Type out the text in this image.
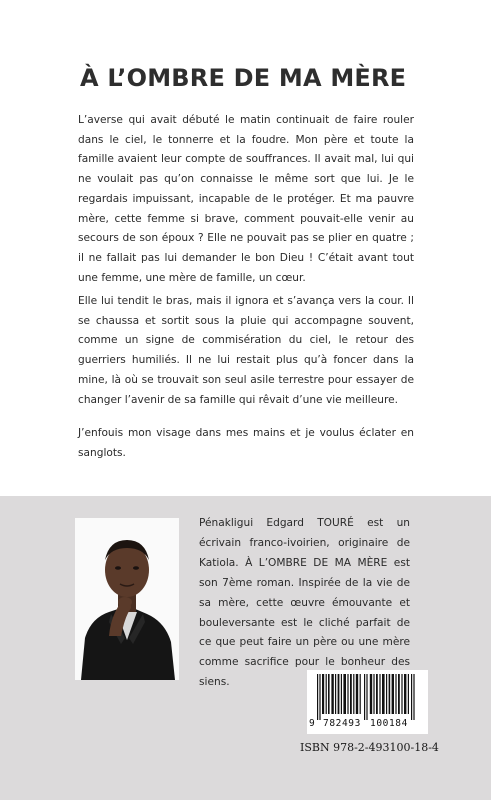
À L’OMBRE DE MA MÈRE
L’averse qui avait débuté le matin continuait de faire rouler dans le ciel, le tonnerre et la foudre. Mon père et toute la famille avaient leur compte de souffrances. Il avait mal, lui qui ne voulait pas qu’on connaisse le même sort que lui. Je le regardais impuissant, incapable de le protéger. Et ma pauvre mère, cette femme si brave, comment pouvait-elle venir au secours de son époux ? Elle ne pouvait pas se plier en quatre ; il ne fallait pas lui demander le bon Dieu ! C’était avant tout une femme, une mère de famille, un cœur.
Elle lui tendit le bras, mais il ignora et s’avança vers la cour. Il se chaussa et sortit sous la pluie qui accompagne souvent, comme un signe de commisération du ciel, le retour des guerriers humiliés. Il ne lui restait plus qu’à foncer dans la mine, là où se trouvait son seul asile terrestre pour essayer de changer l’avenir de sa famille qui rêvait d’une vie meilleure.
J’enfouis mon visage dans mes mains et je voulus éclater en sanglots.
Pénakligui Edgard TOURÉ est un écrivain franco-ivoirien, originaire de Katiola. À L’OMBRE DE MA MÈRE est son 7ème roman. Inspirée de la vie de sa mère, cette œuvre émouvante et bouleversante est le cliché parfait de ce que peut faire un père ou une mère comme sacrifice pour le bonheur des siens.
9 782493 100184
ISBN 978-2-493100-18-4
